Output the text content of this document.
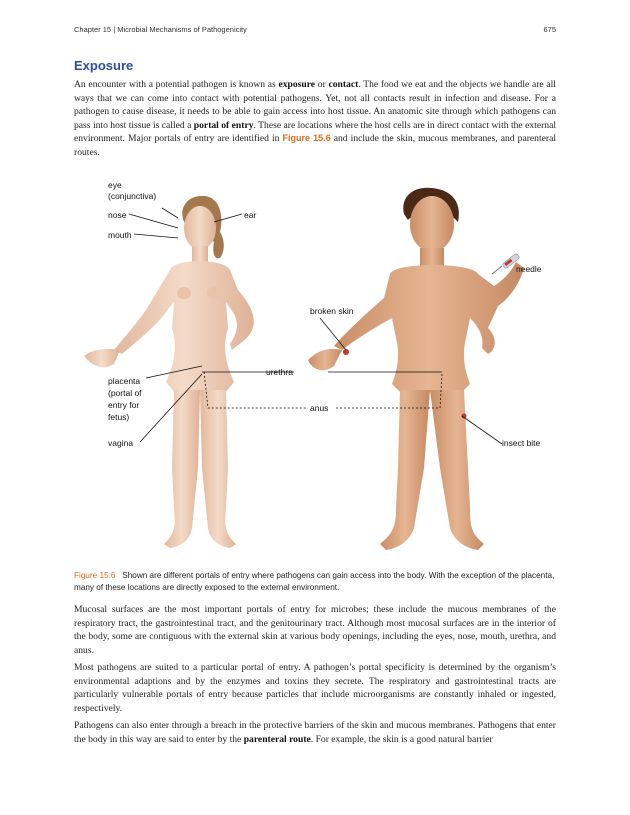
Chapter 15 | Microbial Mechanisms of Pathogenicity	675
Exposure

An encounter with a potential pathogen is known as exposure or contact. The food we eat and the objects we handle are all ways that we can come into contact with potential pathogens. Yet, not all contacts result in infection and disease. For a pathogen to cause disease, it needs to be able to gain access into host tissue. An anatomic site through which pathogens can pass into host tissue is called a portal of entry. These are locations where the host cells are in direct contact with the external environment. Major portals of entry are identified in Figure 15.6 and include the skin, mucous membranes, and parenteral routes.

eye
(conjunctiva)
nose
mouth
ear
needle
broken skin
urethra
anus
placenta
(portal of
entry for
fetus)
vagina	insect bite

Figure 15.6 Shown are different portals of entry where pathogens can gain access into the body. With the exception of the placenta, many of these locations are directly exposed to the external environment.

Mucosal surfaces are the most important portals of entry for microbes; these include the mucous membranes of the respiratory tract, the gastrointestinal tract, and the genitourinary tract. Although most mucosal surfaces are in the interior of the body, some are contiguous with the external skin at various body openings, including the eyes, nose, mouth, urethra, and anus.

Most pathogens are suited to a particular portal of entry. A pathogen’s portal specificity is determined by the organism’s environmental adaptions and by the enzymes and toxins they secrete. The respiratory and gastrointestinal tracts are particularly vulnerable portals of entry because particles that include microorganisms are constantly inhaled or ingested, respectively.

Pathogens can also enter through a breach in the protective barriers of the skin and mucous membranes. Pathogens that enter the body in this way are said to enter by the parenteral route. For example, the skin is a good natural barrier
